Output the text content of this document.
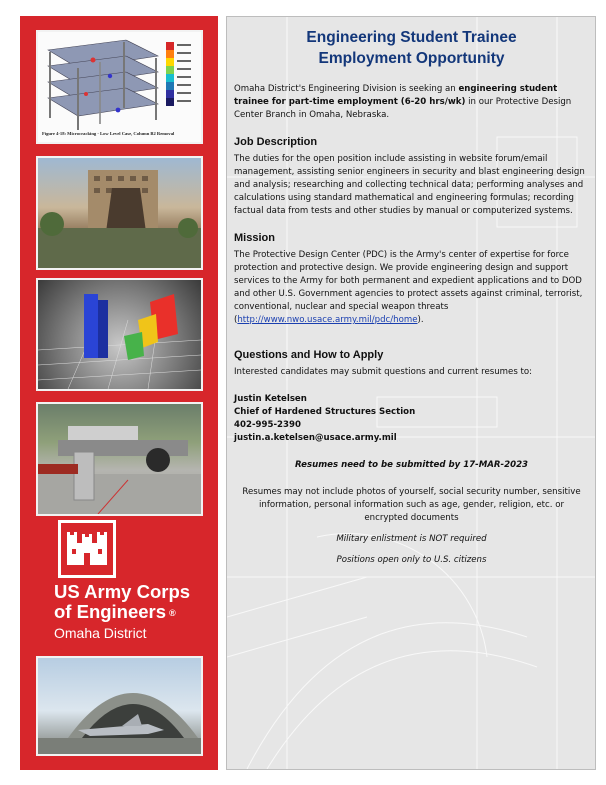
Figure 4-18: Microcracking - Low Level Case, Column B2 Removal
US Army Corps
of Engineers ®
Omaha District
Engineering Student Trainee
Employment Opportunity

Omaha District's Engineering Division is seeking an engineering student trainee for part-time employment (6-20 hrs/wk) in our Protective Design Center Branch in Omaha, Nebraska.

Job Description

The duties for the open position include assisting in website forum/email management, assisting senior engineers in security and blast engineering design and analysis; researching and collecting technical data; performing analyses and calculations using standard mathematical and engineering formulas; recording factual data from tests and other studies by manual or computerized systems.

Mission

The Protective Design Center (PDC) is the Army's center of expertise for force protection and protective design. We provide engineering design and support services to the Army for both permanent and expedient applications and to DOD and other U.S. Government agencies to protect assets against criminal, terrorist, conventional, nuclear and special weapon threats (http://www.nwo.usace.army.mil/pdc/home).

Questions and How to Apply

Interested candidates may submit questions and current resumes to:

Justin Ketelsen
Chief of Hardened Structures Section
402-995-2390
justin.a.ketelsen@usace.army.mil

Resumes need to be submitted by 17-MAR-2023

Resumes may not include photos of yourself, social security number, sensitive information, personal information such as age, gender, religion, etc. or encrypted documents

Military enlistment is NOT required

Positions open only to U.S. citizens
